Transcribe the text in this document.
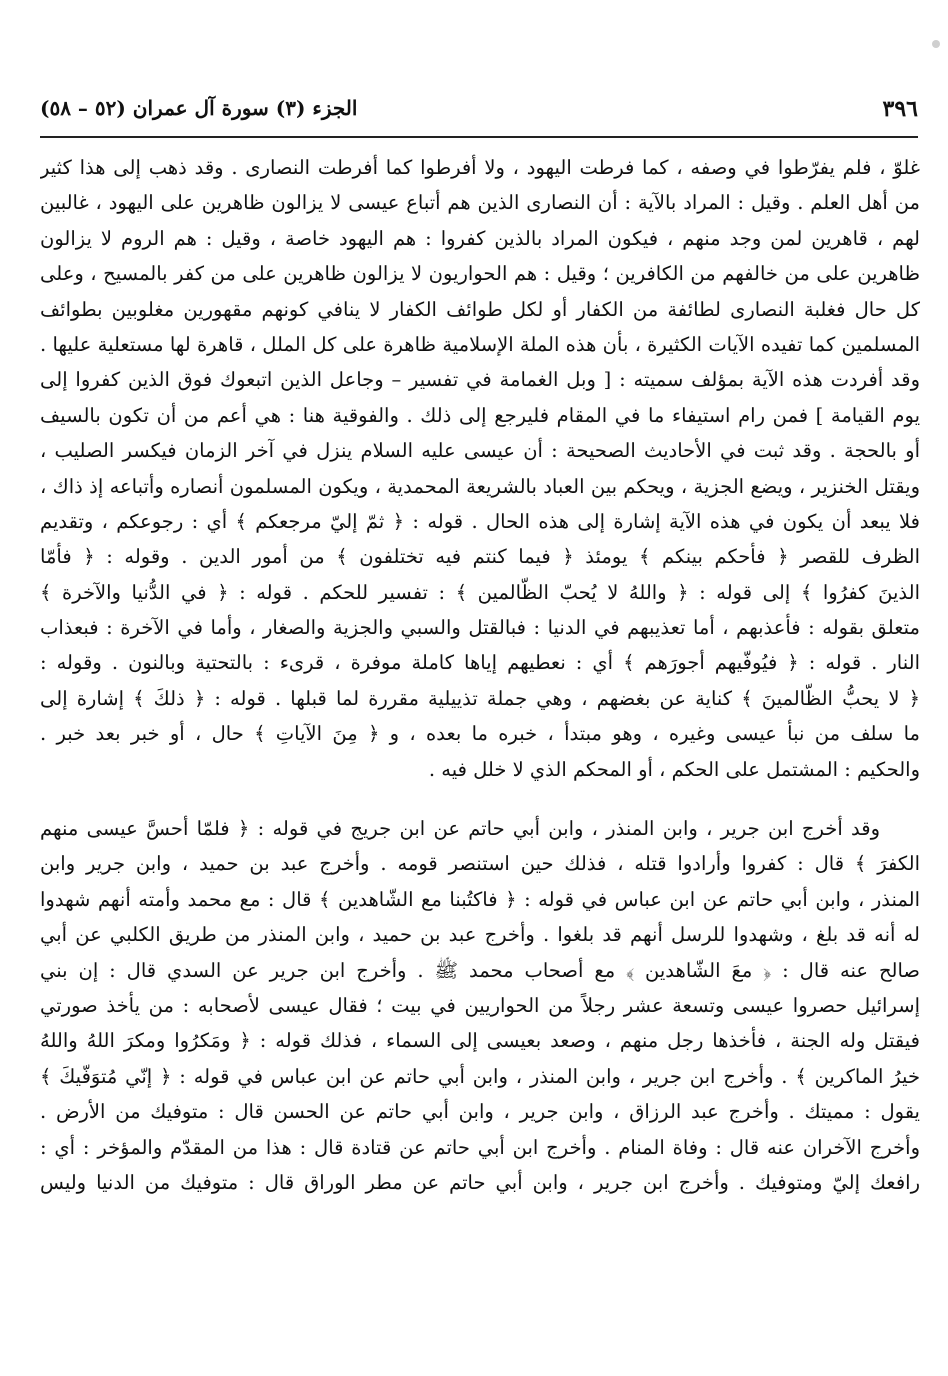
٣٩٦
الجزء (٣) سورة آل عمران (٥٢ – ٥٨)
غلوّ ، فلم يفرّطوا في وصفه ، كما فرطت اليهود ، ولا أفرطوا كما أفرطت النصارى . وقد ذهب إلى هذا كثير
من أهل العلم . وقيل : المراد بالآية : أن النصارى الذين هم أتباع عيسى لا يزالون ظاهرين على اليهود ، غالبين
لهم ، قاهرين لمن وجد منهم ، فيكون المراد بالذين كفروا : هم اليهود خاصة ، وقيل : هم الروم لا يزالون
ظاهرين على من خالفهم من الكافرين ؛ وقيل : هم الحواريون لا يزالون ظاهرين على من كفر بالمسيح ، وعلى
كل حال فغلبة النصارى لطائفة من الكفار أو لكل طوائف الكفار لا ينافي كونهم مقهورين مغلوبين بطوائف
المسلمين كما تفيده الآيات الكثيرة ، بأن هذه الملة الإسلامية ظاهرة على كل الملل ، قاهرة لها مستعلية عليها .
وقد أفردت هذه الآية بمؤلف سميته : [ وبل الغمامة في تفسير – وجاعل الذين اتبعوك فوق الذين كفروا إلى
يوم القيامة ] فمن رام استيفاء ما في المقام فليرجع إلى ذلك . والفوقية هنا : هي أعم من أن تكون بالسيف
أو بالحجة . وقد ثبت في الأحاديث الصحيحة : أن عيسى عليه السلام ينزل في آخر الزمان فيكسر الصليب ،
ويقتل الخنزير ، ويضع الجزية ، ويحكم بين العباد بالشريعة المحمدية ، ويكون المسلمون أنصاره وأتباعه إذ ذاك ،
فلا يبعد أن يكون في هذه الآية إشارة إلى هذه الحال . قوله : ﴿ ثمّ إليّ مرجعكم ﴾ أي : رجوعكم ، وتقديم
الظرف للقصر ﴿ فأحكم بينكم ﴾ يومئذ ﴿ فيما كنتم فيه تختلفون ﴾ من أمور الدين . وقوله : ﴿ فأمّا
الذينَ كفرُوا ﴾ إلى قوله : ﴿ واللهُ لا يُحبّ الظّالمين ﴾ : تفسير للحكم . قوله : ﴿ في الدُّنيا والآخرة ﴾
متعلق بقوله : فأعذبهم ، أما تعذيبهم في الدنيا : فبالقتل والسبي والجزية والصغار ، وأما في الآخرة : فبعذاب
النار . قوله : ﴿ فيُوفّيهم أجورَهم ﴾ أي : نعطيهم إياها كاملة موفرة ، قرىء : بالتحتية وبالنون . وقوله :
﴿ لا يحبُّ الظّالمينَ ﴾ كناية عن بغضهم ، وهي جملة تذييلية مقررة لما قبلها . قوله : ﴿ ذلكَ ﴾ إشارة إلى
ما سلف من نبأ عيسى وغيره ، وهو مبتدأ ، خبره ما بعده ، و ﴿ مِنَ الآياتِ ﴾ حال ، أو خبر بعد خبر .
والحكيم : المشتمل على الحكم ، أو المحكم الذي لا خلل فيه .
وقد أخرج ابن جرير ، وابن المنذر ، وابن أبي حاتم عن ابن جريج في قوله : ﴿ فلمّا أحسَّ عيسى منهم
الكفرَ ﴾ قال : كفروا وأرادوا قتله ، فذلك حين استنصر قومه . وأخرج عبد بن حميد ، وابن جرير وابن
المنذر ، وابن أبي حاتم عن ابن عباس في قوله : ﴿ فاكتُبنا مع الشّاهدين ﴾ قال : مع محمد وأمته أنهم شهدوا
له أنه قد بلغ ، وشهدوا للرسل أنهم قد بلغوا . وأخرج عبد بن حميد ، وابن المنذر من طريق الكلبي عن أبي
صالح عنه قال : ﴿ معَ الشّاهدين ﴾ مع أصحاب محمد ﷺ . وأخرج ابن جرير عن السدي قال : إن بني
إسرائيل حصروا عيسى وتسعة عشر رجلاً من الحواريين في بيت ؛ فقال عيسى لأصحابه : من يأخذ صورتي
فيقتل وله الجنة ، فأخذها رجل منهم ، وصعد بعيسى إلى السماء ، فذلك قوله : ﴿ ومَكرُوا ومكرَ اللهُ واللهُ
خيرُ الماكرين ﴾ . وأخرج ابن جرير ، وابن المنذر ، وابن أبي حاتم عن ابن عباس في قوله : ﴿ إنّي مُتوَفّيكَ ﴾
يقول : مميتك . وأخرج عبد الرزاق ، وابن جرير ، وابن أبي حاتم عن الحسن قال : متوفيك من الأرض .
وأخرج الآخران عنه قال : وفاة المنام . وأخرج ابن أبي حاتم عن قتادة قال : هذا من المقدّم والمؤخر : أي :
رافعك إليّ ومتوفيك . وأخرج ابن جرير ، وابن أبي حاتم عن مطر الوراق قال : متوفيك من الدنيا وليس
